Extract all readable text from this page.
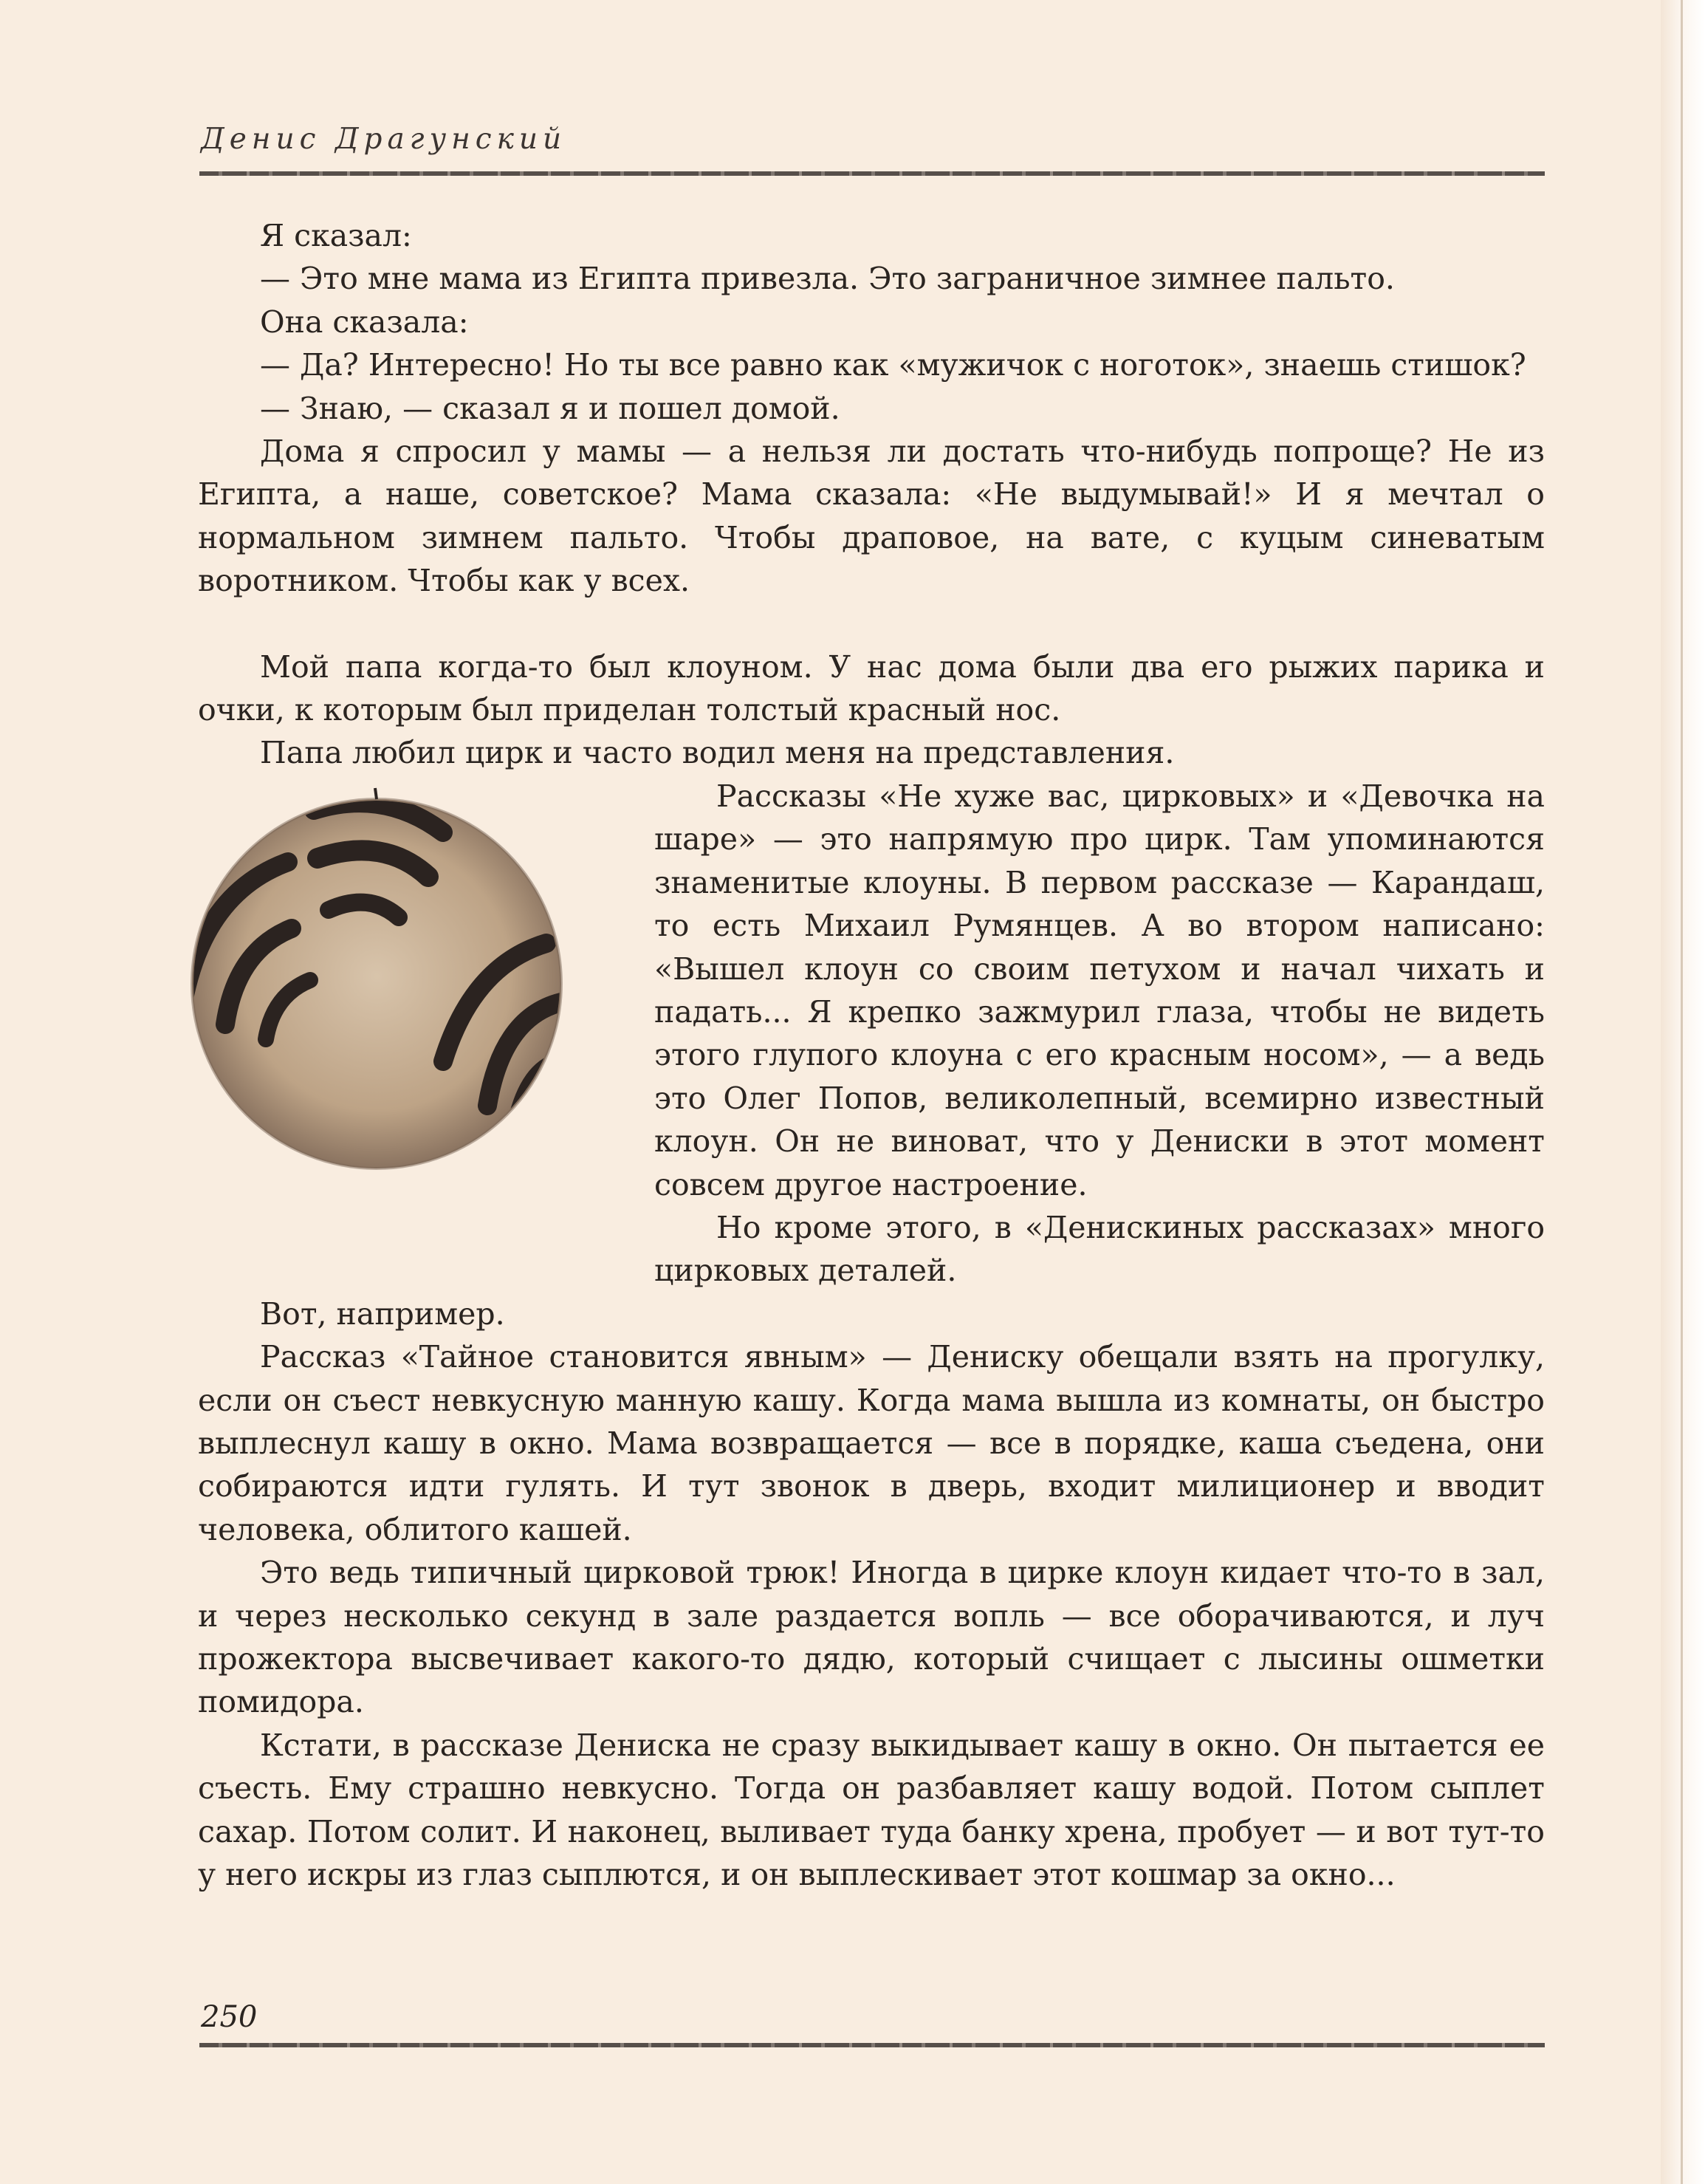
Денис Драгунский

Я сказал:

— Это мне мама из Египта привезла. Это заграничное зимнее пальто.

Она сказала:

— Да? Интересно! Но ты все равно как «мужичок с ноготок», знаешь стишок?

— Знаю, — сказал я и пошел домой.

Дома я спросил у мамы — а нельзя ли достать что-нибудь попроще? Не из Египта, а наше, советское? Мама сказала: «Не выдумывай!» И я мечтал о нормальном зимнем пальто. Чтобы драповое, на вате, с куцым синеватым воротником. Чтобы как у всех.

Мой папа когда-то был клоуном. У нас дома были два его рыжих парика и очки, к которым был приделан толстый красный нос.

Папа любил цирк и часто водил меня на представления.

Рассказы «Не хуже вас, цирковых» и «Девочка на шаре» — это напрямую про цирк. Там упоминаются знаменитые клоуны. В первом рассказе — Карандаш, то есть Михаил Румянцев. А во втором написано: «Вышел клоун со своим петухом и начал чихать и падать... Я крепко зажмурил глаза, чтобы не видеть этого глупого клоуна с его красным носом», — а ведь это Олег Попов, великолепный, всемирно известный клоун. Он не виноват, что у Дениски в этот момент совсем другое настроение.

Но кроме этого, в «Денискиных рассказах» много цирковых деталей.

Вот, например.

Рассказ «Тайное становится явным» — Дениску обещали взять на прогулку, если он съест невкусную манную кашу. Когда мама вышла из комнаты, он быстро выплеснул кашу в окно. Мама возвращается — все в порядке, каша съедена, они собираются идти гулять. И тут звонок в дверь, входит милиционер и вводит человека, облитого кашей.

Это ведь типичный цирковой трюк! Иногда в цирке клоун кидает что-то в зал, и через несколько секунд в зале раздается вопль — все оборачиваются, и луч прожектора высвечивает какого-то дядю, который счищает с лысины ошметки помидора.

Кстати, в рассказе Дениска не сразу выкидывает кашу в окно. Он пытается ее съесть. Ему страшно невкусно. Тогда он разбавляет кашу водой. Потом сыплет сахар. Потом солит. И наконец, выливает туда банку хрена, пробует — и вот тут-то у него искры из глаз сыплются, и он выплескивает этот кошмар за окно...

250
